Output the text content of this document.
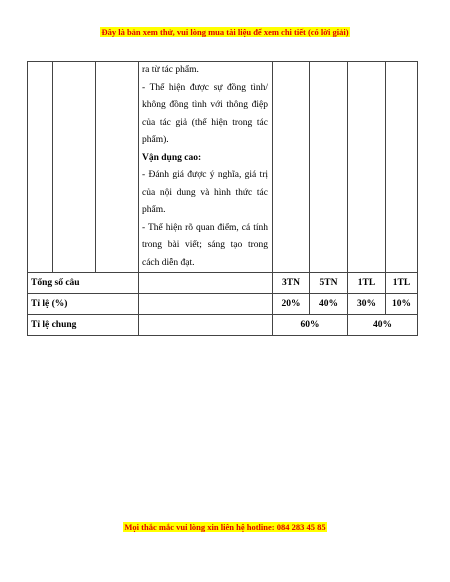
Đây là bản xem thử, vui lòng mua tài liệu để xem chi tiết (có lời giải)

			ra từ tác phẩm.

- Thể hiện được sự đồng tình/ không đồng tình với thông điệp của tác giả (thể hiện trong tác phẩm).

Vận dụng cao:

- Đánh giá được ý nghĩa, giá trị của nội dung và hình thức tác phẩm.

- Thể hiện rõ quan điểm, cá tính trong bài viết; sáng tạo trong cách diễn đạt.				

Tổng số câu				3TN	5TN	1TL	1TL
Tỉ lệ (%)				20%	40%	30%	10%
Tỉ lệ chung				60%		40%	
Mọi thắc mắc vui lòng xin liên hệ hotline: 084 283 45 85
